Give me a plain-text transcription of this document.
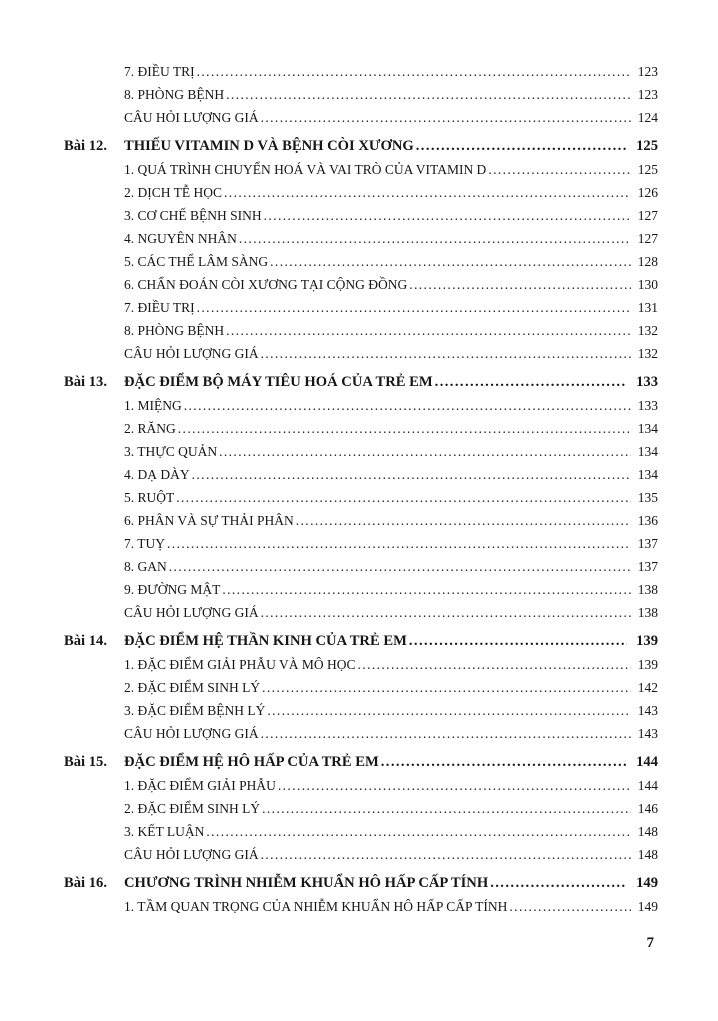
7. ĐIỀU TRỊ .....	123
8. PHÒNG BỆNH .....	123
CÂU HỎI LƯỢNG GIÁ .....	124
Bài 12.	THIẾU VITAMIN D VÀ BỆNH CÒI XƯƠNG .....	125
1. QUÁ TRÌNH CHUYỂN HOÁ VÀ VAI TRÒ CỦA VITAMIN D .....	125
2. DỊCH TỄ HỌC .....	126
3. CƠ CHẾ BỆNH SINH .....	127
4. NGUYÊN NHÂN .....	127
5. CÁC THỂ LÂM SÀNG .....	128
6. CHẨN ĐOÁN CÒI XƯƠNG TẠI CỘNG ĐỒNG .....	130
7. ĐIỀU TRỊ .....	131
8. PHÒNG BỆNH .....	132
CÂU HỎI LƯỢNG GIÁ .....	132
Bài 13.	ĐẶC ĐIỂM BỘ MÁY TIÊU HOÁ CỦA TRẺ EM .....	133
1. MIỆNG .....	133
2. RĂNG .....	134
3. THỰC QUẢN .....	134
4. DẠ DÀY .....	134
5. RUỘT .....	135
6. PHÂN VÀ SỰ THẢI PHÂN .....	136
7. TUỴ .....	137
8. GAN .....	137
9. ĐƯỜNG MẬT .....	138
CÂU HỎI LƯỢNG GIÁ .....	138
Bài 14.	ĐẶC ĐIỂM HỆ THẦN KINH CỦA TRẺ EM .....	139
1. ĐẶC ĐIỂM GIẢI PHẪU VÀ MÔ HỌC .....	139
2. ĐẶC ĐIỂM SINH LÝ .....	142
3. ĐẶC ĐIỂM BỆNH LÝ .....	143
CÂU HỎI LƯỢNG GIÁ .....	143
Bài 15.	ĐẶC ĐIỂM HỆ HÔ HẤP CỦA TRẺ EM .....	144
1. ĐẶC ĐIỂM GIẢI PHẪU .....	144
2. ĐẶC ĐIỂM SINH LÝ .....	146
3. KẾT LUẬN .....	148
CÂU HỎI LƯỢNG GIÁ .....	148
Bài 16.	CHƯƠNG TRÌNH NHIỄM KHUẨN HÔ HẤP CẤP TÍNH .....	149
1. TẦM QUAN TRỌNG CỦA NHIỄM KHUẨN HÔ HẤP CẤP TÍNH .....	149
7
